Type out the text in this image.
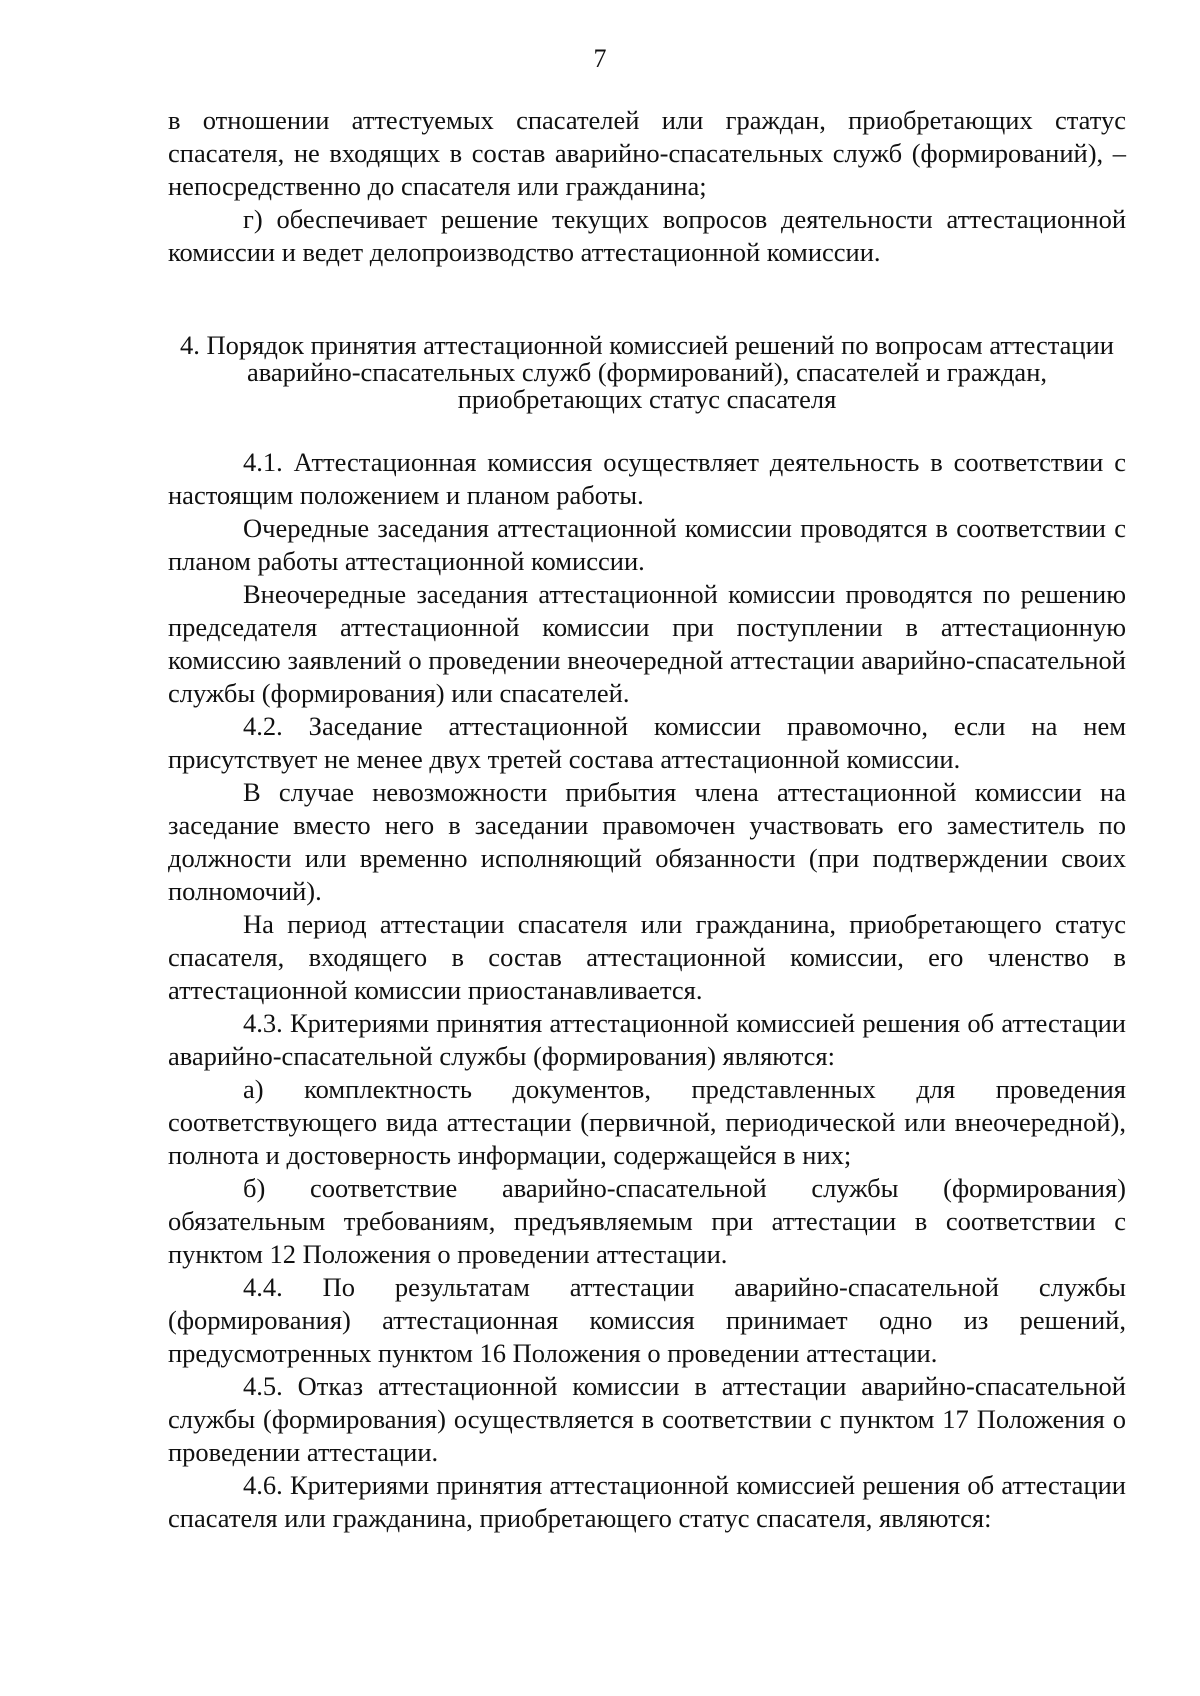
7

в отношении аттестуемых спасателей или граждан, приобретающих статус спасателя, не входящих в состав аварийно-спасательных служб (формирований), – непосредственно до спасателя или гражданина;

г) обеспечивает решение текущих вопросов деятельности аттестационной комиссии и ведет делопроизводство аттестационной комиссии.

4. Порядок принятия аттестационной комиссией решений по вопросам аттестации аварийно-спасательных служб (формирований), спасателей и граждан, приобретающих статус спасателя

4.1. Аттестационная комиссия осуществляет деятельность в соответствии с настоящим положением и планом работы.

Очередные заседания аттестационной комиссии проводятся в соответствии с планом работы аттестационной комиссии.

Внеочередные заседания аттестационной комиссии проводятся по решению председателя аттестационной комиссии при поступлении в аттестационную комиссию заявлений о проведении внеочередной аттестации аварийно-спасательной службы (формирования) или спасателей.

4.2. Заседание аттестационной комиссии правомочно, если на нем присутствует не менее двух третей состава аттестационной комиссии.

В случае невозможности прибытия члена аттестационной комиссии на заседание вместо него в заседании правомочен участвовать его заместитель по должности или временно исполняющий обязанности (при подтверждении своих полномочий).

На период аттестации спасателя или гражданина, приобретающего статус спасателя, входящего в состав аттестационной комиссии, его членство в аттестационной комиссии приостанавливается.

4.3. Критериями принятия аттестационной комиссией решения об аттестации аварийно-спасательной службы (формирования) являются:

а) комплектность документов, представленных для проведения соответствующего вида аттестации (первичной, периодической или внеочередной), полнота и достоверность информации, содержащейся в них;

б) соответствие аварийно-спасательной службы (формирования) обязательным требованиям, предъявляемым при аттестации в соответствии с пунктом 12 Положения о проведении аттестации.

4.4. По результатам аттестации аварийно-спасательной службы (формирования) аттестационная комиссия принимает одно из решений, предусмотренных пунктом 16 Положения о проведении аттестации.

4.5. Отказ аттестационной комиссии в аттестации аварийно-спасательной службы (формирования) осуществляется в соответствии с пунктом 17 Положения о проведении аттестации.

4.6. Критериями принятия аттестационной комиссией решения об аттестации спасателя или гражданина, приобретающего статус спасателя, являются:
